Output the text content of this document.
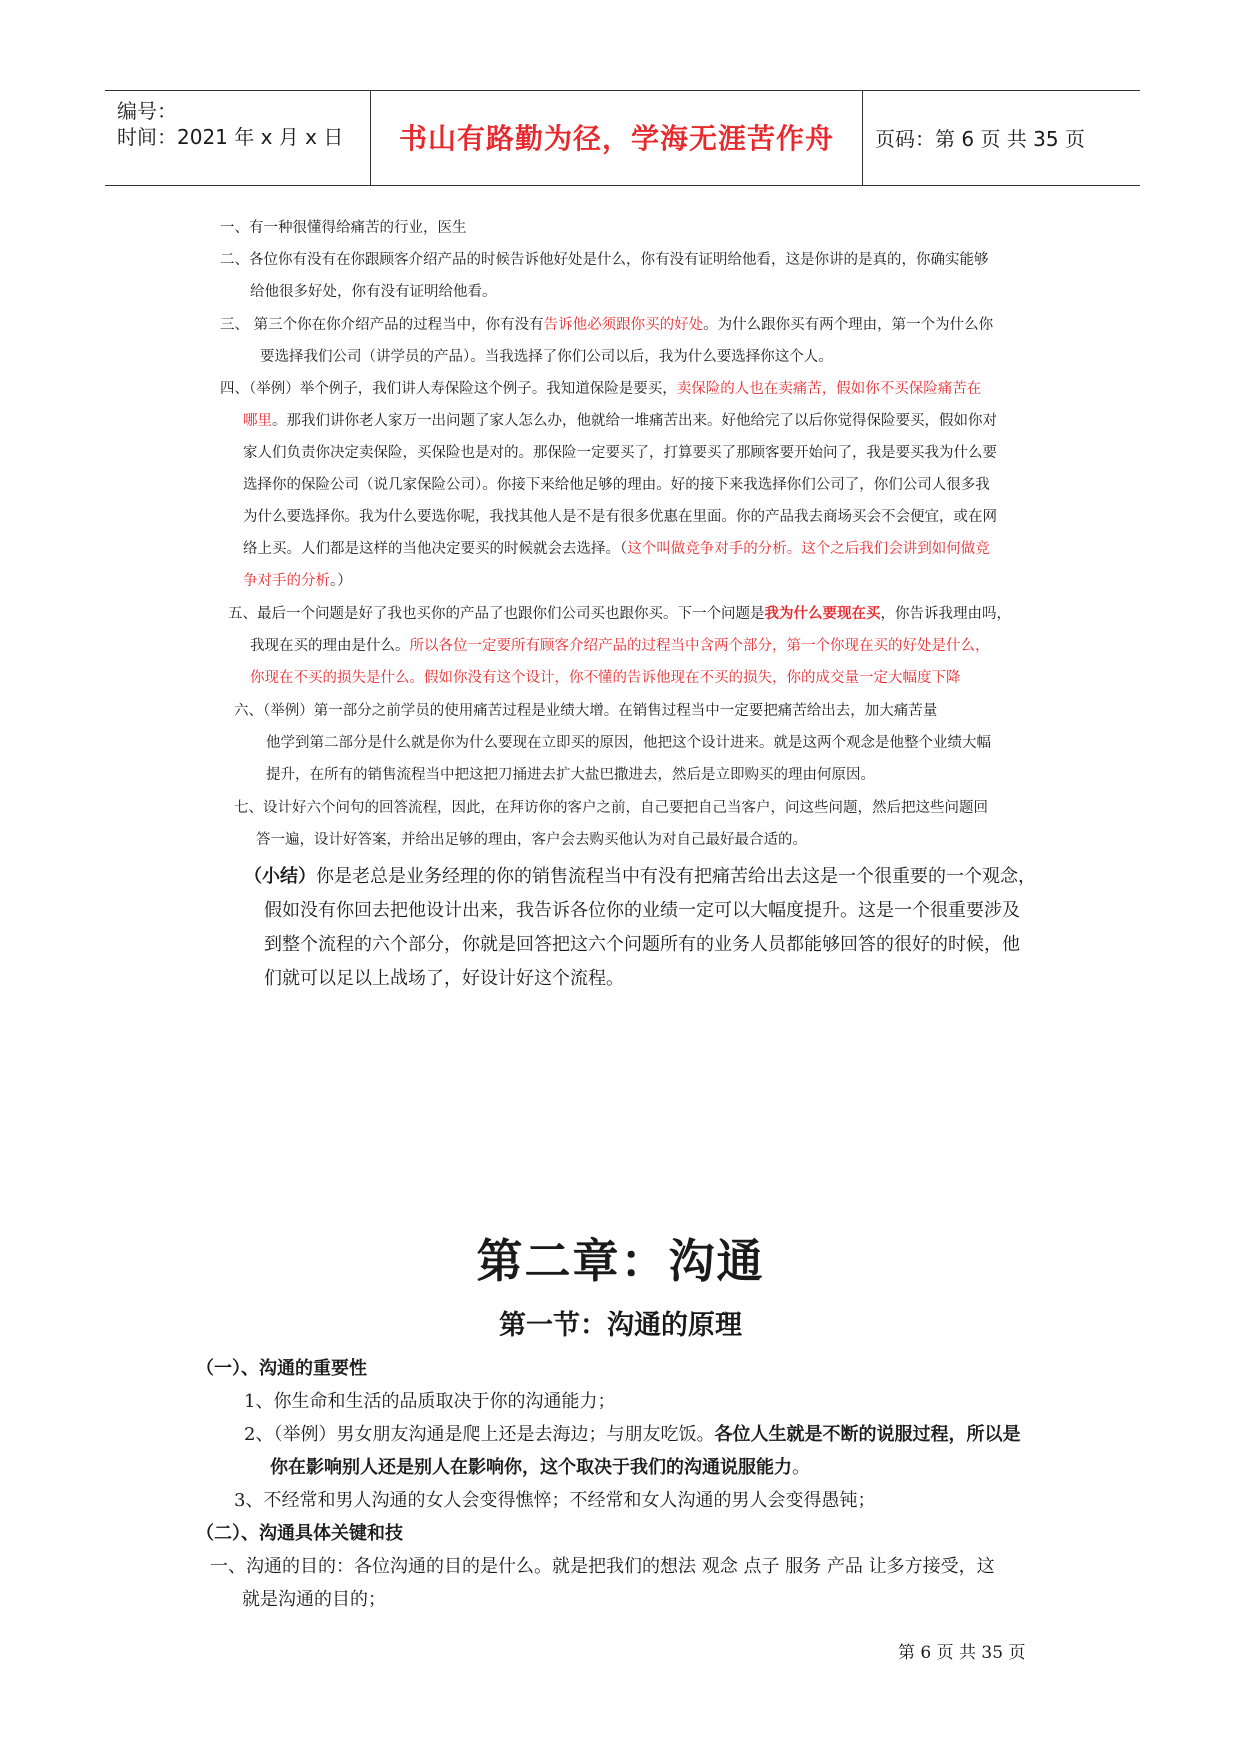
编号：
时间：2021 年 x 月 x 日	书山有路勤为径，学海无涯苦作舟	页码：第 6 页 共 35 页
一、有一种很懂得给痛苦的行业，医生
二、各位你有没有在你跟顾客介绍产品的时候告诉他好处是什么，你有没有证明给他看，这是你讲的是真的，你确实能够
给他很多好处，你有没有证明给他看。
三、 第三个你在你介绍产品的过程当中，你有没有告诉他必须跟你买的好处。为什么跟你买有两个理由，第一个为什么你
要选择我们公司（讲学员的产品）。当我选择了你们公司以后，我为什么要选择你这个人。
四、（举例）举个例子，我们讲人寿保险这个例子。我知道保险是要买，卖保险的人也在卖痛苦，假如你不买保险痛苦在
哪里。那我们讲你老人家万一出问题了家人怎么办，他就给一堆痛苦出来。好他给完了以后你觉得保险要买，假如你对
家人们负责你决定卖保险，买保险也是对的。那保险一定要买了，打算要买了那顾客要开始问了，我是要买我为什么要
选择你的保险公司（说几家保险公司）。你接下来给他足够的理由。好的接下来我选择你们公司了，你们公司人很多我
为什么要选择你。我为什么要选你呢，我找其他人是不是有很多优惠在里面。你的产品我去商场买会不会便宜，或在网
络上买。人们都是这样的当他决定要买的时候就会去选择。（这个叫做竞争对手的分析。这个之后我们会讲到如何做竞
争对手的分析。）
五、最后一个问题是好了我也买你的产品了也跟你们公司买也跟你买。下一个问题是我为什么要现在买，你告诉我理由吗，
我现在买的理由是什么。所以各位一定要所有顾客介绍产品的过程当中含两个部分，第一个你现在买的好处是什么，
你现在不买的损失是什么。假如你没有这个设计，你不懂的告诉他现在不买的损失，你的成交量一定大幅度下降
六、（举例）第一部分之前学员的使用痛苦过程是业绩大增。在销售过程当中一定要把痛苦给出去，加大痛苦量
他学到第二部分是什么就是你为什么要现在立即买的原因，他把这个设计进来。就是这两个观念是他整个业绩大幅
提升，在所有的销售流程当中把这把刀捅进去扩大盐巴撒进去，然后是立即购买的理由何原因。
七、设计好六个问句的回答流程，因此，在拜访你的客户之前，自己要把自己当客户，问这些问题，然后把这些问题回
答一遍，设计好答案，并给出足够的理由，客户会去购买他认为对自己最好最合适的。
（小结）你是老总是业务经理的你的销售流程当中有没有把痛苦给出去这是一个很重要的一个观念，
假如没有你回去把他设计出来，我告诉各位你的业绩一定可以大幅度提升。这是一个很重要涉及
到整个流程的六个部分，你就是回答把这六个问题所有的业务人员都能够回答的很好的时候，他
们就可以足以上战场了，好设计好这个流程。
第二章：沟通
第一节：沟通的原理
（一）、沟通的重要性
1、你生命和生活的品质取决于你的沟通能力；
2、（举例）男女朋友沟通是爬上还是去海边；与朋友吃饭。各位人生就是不断的说服过程，所以是
你在影响别人还是别人在影响你，这个取决于我们的沟通说服能力。
3、不经常和男人沟通的女人会变得憔悴；不经常和女人沟通的男人会变得愚钝；
（二）、沟通具体关键和技
一、沟通的目的：各位沟通的目的是什么。就是把我们的想法 观念 点子 服务 产品 让多方接受，这
就是沟通的目的；
第 6 页 共 35 页
